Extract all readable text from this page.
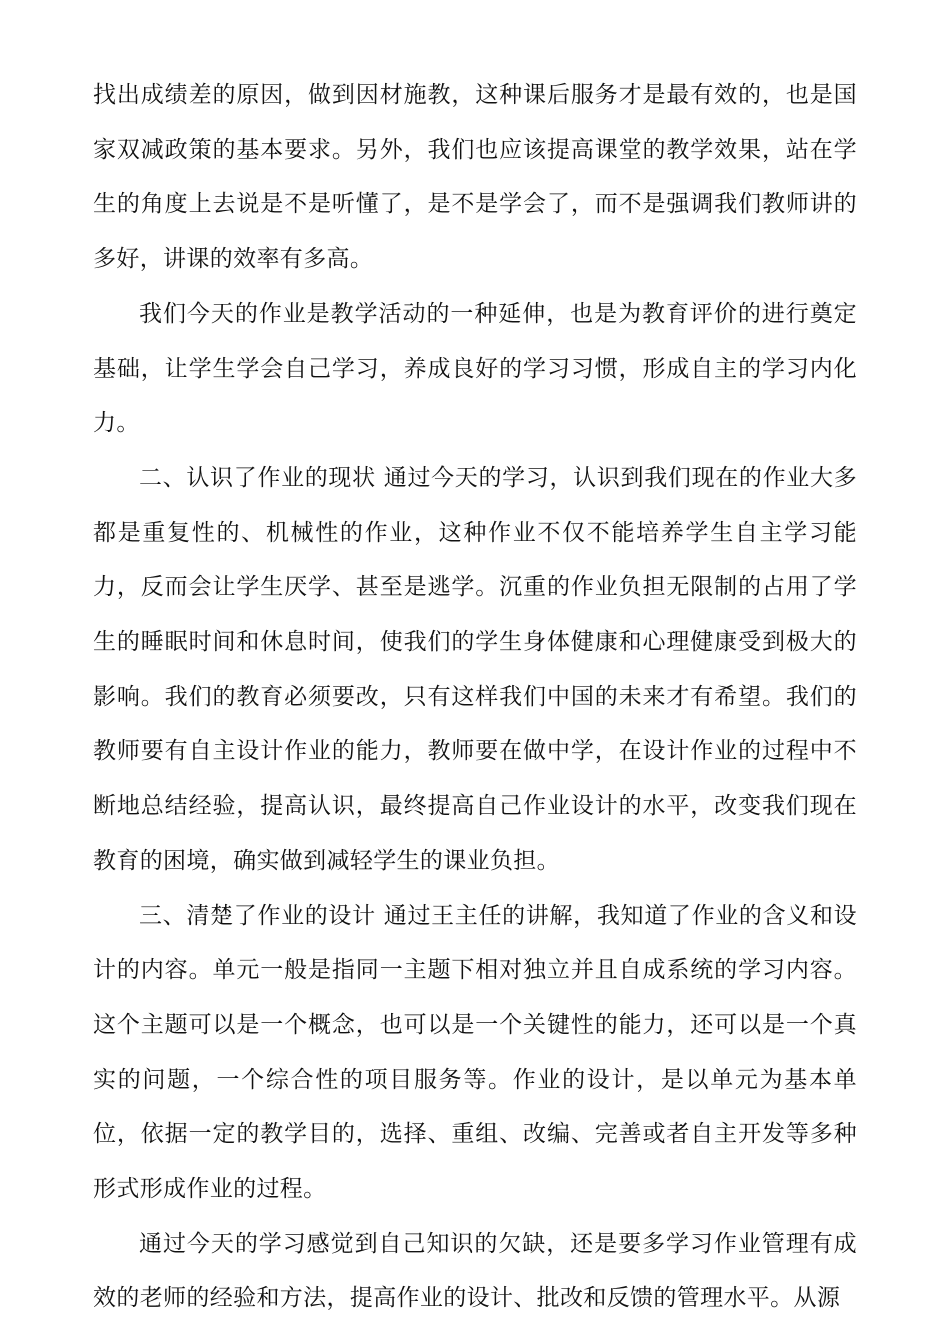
找出成绩差的原因，做到因材施教，这种课后服务才是最有效的，也是国家双减政策的基本要求。另外，我们也应该提高课堂的教学效果，站在学生的角度上去说是不是听懂了，是不是学会了，而不是强调我们教师讲的多好，讲课的效率有多高。

我们今天的作业是教学活动的一种延伸，也是为教育评价的进行奠定基础，让学生学会自己学习，养成良好的学习习惯，形成自主的学习内化力。

二、认识了作业的现状 通过今天的学习，认识到我们现在的作业大多都是重复性的、机械性的作业，这种作业不仅不能培养学生自主学习能力，反而会让学生厌学、甚至是逃学。沉重的作业负担无限制的占用了学生的睡眠时间和休息时间，使我们的学生身体健康和心理健康受到极大的影响。我们的教育必须要改，只有这样我们中国的未来才有希望。我们的教师要有自主设计作业的能力，教师要在做中学，在设计作业的过程中不断地总结经验，提高认识，最终提高自己作业设计的水平，改变我们现在教育的困境，确实做到减轻学生的课业负担。

三、清楚了作业的设计 通过王主任的讲解，我知道了作业的含义和设计的内容。单元一般是指同一主题下相对独立并且自成系统的学习内容。这个主题可以是一个概念，也可以是一个关键性的能力，还可以是一个真实的问题，一个综合性的项目服务等。作业的设计，是以单元为基本单位，依据一定的教学目的，选择、重组、改编、完善或者自主开发等多种形式形成作业的过程。

通过今天的学习感觉到自己知识的欠缺，还是要多学习作业管理有成效的老师的经验和方法，提高作业的设计、批改和反馈的管理水平。从源
